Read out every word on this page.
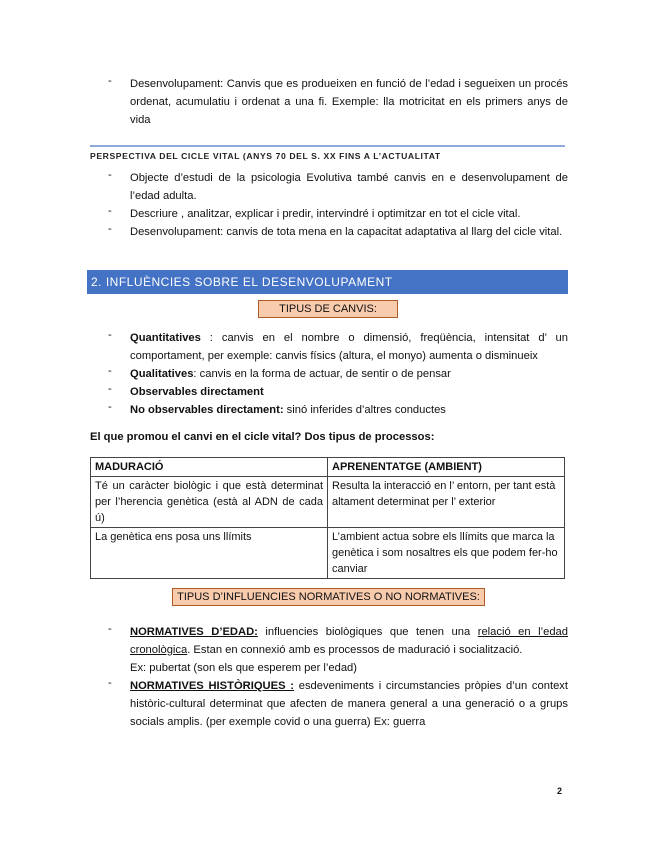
-	Desenvolupament: Canvis que es produeixen en funció de l’edad i segueixen un procés ordenat, acumulatiu i ordenat a una fi. Exemple: lla motricitat en els primers anys de vida
PERSPECTIVA DEL CICLE VITAL (ANYS 70 DEL S. XX FINS A L’ACTUALITAT
-	Objecte d’estudi de la psicologia Evolutiva també canvis en e desenvolupament de l’edad adulta.
-	Descriure , analitzar, explicar i predir, intervindré i optimitzar en tot el cicle vital.
-	Desenvolupament: canvis de tota mena en la capacitat adaptativa al llarg del cicle vital.
2. INFLUÈNCIES SOBRE EL DESENVOLUPAMENT
TIPUS DE CANVIS:
-	Quantitatives : canvis en el nombre o dimensió, freqüència, intensitat d’ un comportament, per exemple: canvis físics (altura, el monyo) aumenta o disminueix
-	Qualitatives: canvis en la forma de actuar, de sentir o de pensar
-	Observables directament
-	No observables directament: sinó inferides d’altres conductes
El que promou el canvi en el cicle vital? Dos tipus de processos:
MADURACIÓ	APRENENTATGE (AMBIENT)
Té un caràcter biològic i que està determinat per l’herencia genètica (està al ADN de cada ú)	Resulta la interacció en l’ entorn, per tant està altament determinat per l’ exterior
La genètica ens posa uns llímits	L’ambient actua sobre els llímits que marca la genètica i som nosaltres els que podem fer-ho canviar
TIPUS D’INFLUENCIES NORMATIVES O NO NORMATIVES:
-	NORMATIVES D’EDAD: influencies biològiques que tenen una relació en l’edad cronològica. Estan en connexió amb es processos de maduració i socialització.
Ex: pubertat (son els que esperem per l’edad)
-	NORMATIVES HISTÒRIQUES : esdeveniments i circumstancies pròpies d’un context històric-cultural determinat que afecten de manera general a una generació o a grups socials amplis. (per exemple covid o una guerra) Ex: guerra
2
